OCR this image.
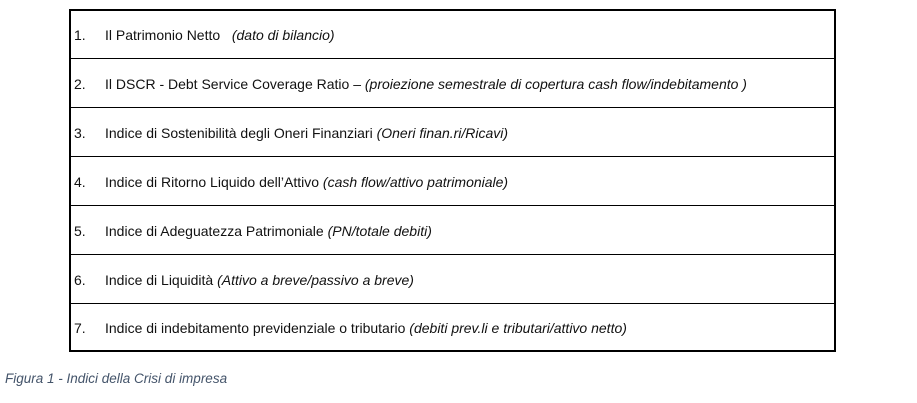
1.	Il Patrimonio Netto (dato di bilancio)
2.	Il DSCR - Debt Service Coverage Ratio – (proiezione semestrale di copertura cash flow/indebitamento )
3.	Indice di Sostenibilità degli Oneri Finanziari (Oneri finan.ri/Ricavi)
4.	Indice di Ritorno Liquido dell’Attivo (cash flow/attivo patrimoniale)
5.	Indice di Adeguatezza Patrimoniale (PN/totale debiti)
6.	Indice di Liquidità (Attivo a breve/passivo a breve)
7.	Indice di indebitamento previdenziale o tributario (debiti prev.li e tributari/attivo netto)
Figura 1 - Indici della Crisi di impresa
